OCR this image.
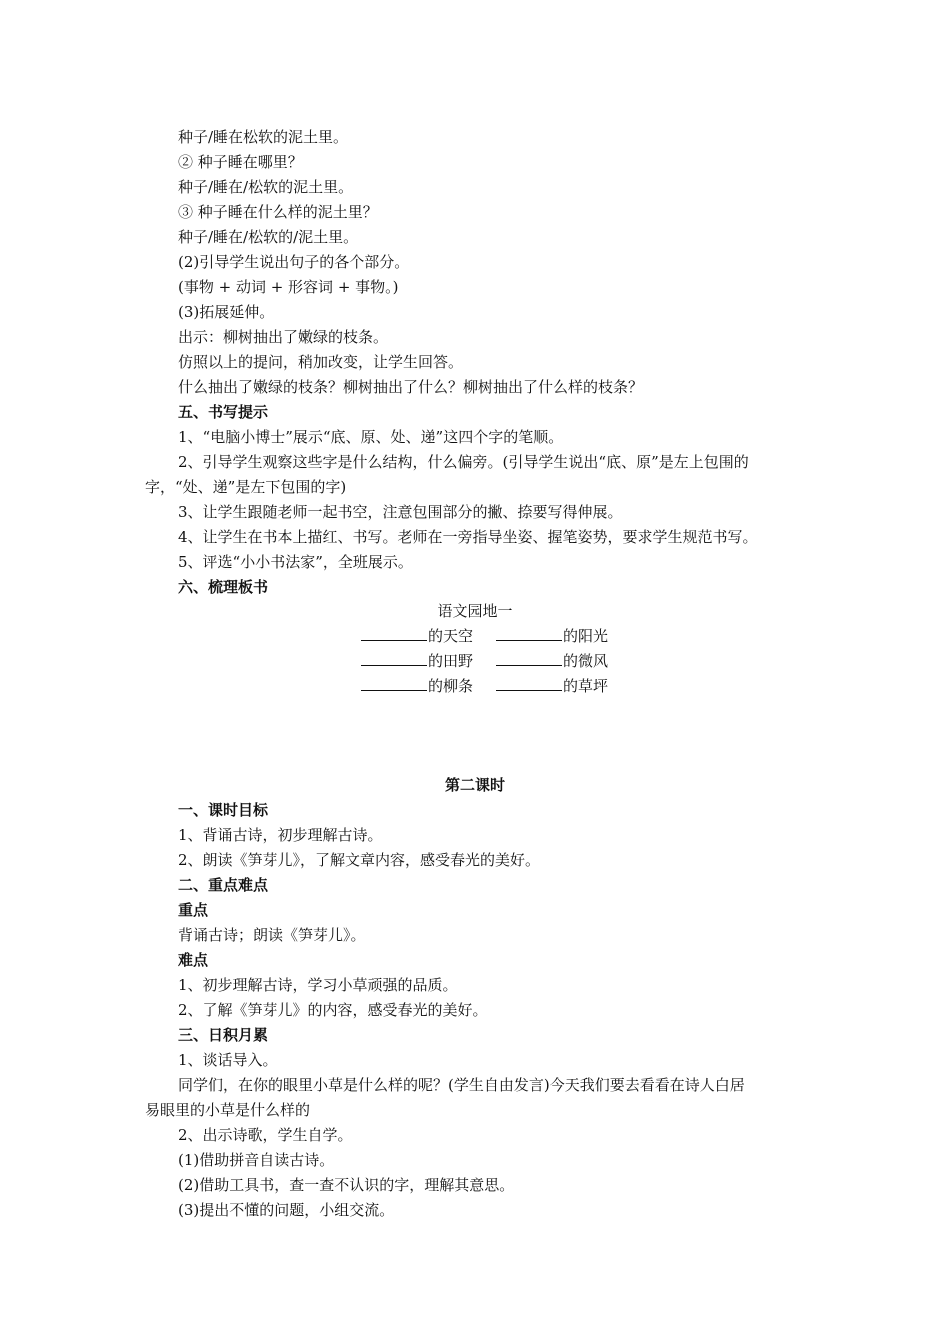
种子/睡在松软的泥土里。
② 种子睡在哪里？
种子/睡在/松软的泥土里。
③ 种子睡在什么样的泥土里？
种子/睡在/松软的/泥土里。
(2)引导学生说出句子的各个部分。
(事物 + 动词 + 形容词 + 事物。)
(3)拓展延伸。
出示：柳树抽出了嫩绿的枝条。
仿照以上的提问，稍加改变，让学生回答。
什么抽出了嫩绿的枝条？柳树抽出了什么？柳树抽出了什么样的枝条？
五、书写提示
1、“电脑小博士”展示“底、原、处、递”这四个字的笔顺。
2、引导学生观察这些字是什么结构，什么偏旁。(引导学生说出“底、原”是左上包围的
字，“处、递”是左下包围的字)
3、让学生跟随老师一起书空，注意包围部分的撇、捺要写得伸展。
4、让学生在书本上描红、书写。老师在一旁指导坐姿、握笔姿势，要求学生规范书写。
5、评选“小小书法家”，全班展示。
六、梳理板书
语文园地一
的天空	的阳光
的田野	的微风
的柳条	的草坪
第二课时
一、课时目标
1、背诵古诗，初步理解古诗。
2、朗读《笋芽儿》，了解文章内容，感受春光的美好。
二、重点难点
重点
背诵古诗；朗读《笋芽儿》。
难点
1、初步理解古诗，学习小草顽强的品质。
2、了解《笋芽儿》的内容，感受春光的美好。
三、日积月累
1、谈话导入。
同学们，在你的眼里小草是什么样的呢？(学生自由发言)今天我们要去看看在诗人白居
易眼里的小草是什么样的
2、出示诗歌，学生自学。
(1)借助拼音自读古诗。
(2)借助工具书，查一查不认识的字，理解其意思。
(3)提出不懂的问题，小组交流。
